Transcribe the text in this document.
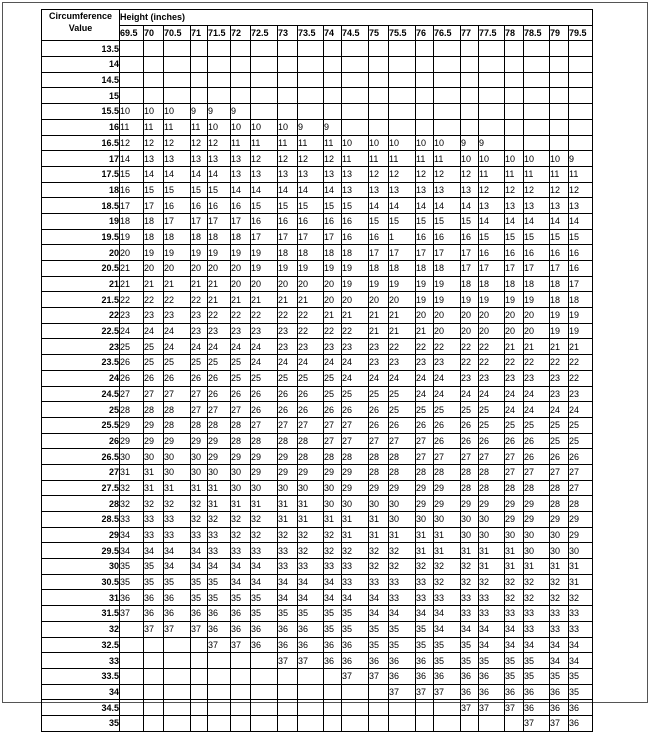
Circumference
Value	Height (inches)																				
	69.5	70	70.5	71	71.5	72	72.5	73	73.5	74	74.5	75	75.5	76	76.5	77	77.5	78	78.5	79	79.5
13.5																					
14																					
14.5																					
15																					
15.5	10	10	10	9	9	9															
16	11	11	11	11	10	10	10	10	9	9											
16.5	12	12	12	12	12	11	11	11	11	11	10	10	10	10	10	9	9				
17	14	13	13	13	13	13	12	12	12	12	11	11	11	11	11	10	10	10	10	10	9
17.5	15	14	14	14	14	13	13	13	13	13	13	12	12	12	12	12	11	11	11	11	11
18	16	15	15	15	15	14	14	14	14	14	13	13	13	13	13	13	12	12	12	12	12
18.5	17	17	16	16	16	16	15	15	15	15	15	14	14	14	14	14	13	13	13	13	13
19	18	18	17	17	17	17	16	16	16	16	16	15	15	15	15	15	14	14	14	14	14
19.5	19	18	18	18	18	18	17	17	17	17	16	16	1	16	16	16	15	15	15	15	15
20	20	19	19	19	19	19	19	18	18	18	18	17	17	17	17	17	16	16	16	16	16
20.5	21	20	20	20	20	20	19	19	19	19	19	18	18	18	18	17	17	17	17	17	16
21	21	21	21	21	21	20	20	20	20	20	19	19	19	19	19	18	18	18	18	18	17
21.5	22	22	22	22	21	21	21	21	21	20	20	20	20	19	19	19	19	19	19	18	18
22	23	23	23	23	22	22	22	22	22	21	21	21	21	20	20	20	20	20	20	19	19
22.5	24	24	24	23	23	23	23	23	22	22	22	21	21	21	20	20	20	20	20	19	19
23	25	25	24	24	24	24	24	23	23	23	23	23	22	22	22	22	22	21	21	21	21
23.5	26	25	25	25	25	25	24	24	24	24	24	23	23	23	23	22	22	22	22	22	22
24	26	26	26	26	26	25	25	25	25	25	24	24	24	24	24	23	23	23	23	23	22
24.5	27	27	27	27	26	26	26	26	26	25	25	25	25	24	24	24	24	24	24	23	23
25	28	28	28	27	27	27	26	26	26	26	26	26	25	25	25	25	25	24	24	24	24
25.5	29	29	28	28	28	28	27	27	27	27	27	26	26	26	26	26	25	25	25	25	25
26	29	29	29	29	29	28	28	28	28	27	27	27	27	27	26	26	26	26	26	25	25
26.5	30	30	30	30	29	29	29	29	28	28	28	28	28	27	27	27	27	27	26	26	26
27	31	31	30	30	30	30	29	29	29	29	29	28	28	28	28	28	28	27	27	27	27
27.5	32	31	31	31	31	30	30	30	30	30	29	29	29	29	29	28	28	28	28	28	27
28	32	32	32	32	31	31	31	31	31	30	30	30	30	29	29	29	29	29	29	28	28
28.5	33	33	33	32	32	32	32	31	31	31	31	31	30	30	30	30	30	29	29	29	29
29	34	33	33	33	33	32	32	32	32	32	31	31	31	31	31	30	30	30	30	30	29
29.5	34	34	34	34	33	33	33	33	32	32	32	32	32	31	31	31	31	31	30	30	30
30	35	35	34	34	34	34	34	33	33	33	33	32	32	32	32	32	31	31	31	31	31
30.5	35	35	35	35	35	34	34	34	34	34	33	33	33	33	32	32	32	32	32	32	31
31	36	36	36	35	35	35	35	34	34	34	34	34	33	33	33	33	33	32	32	32	32
31.5	37	36	36	36	36	36	35	35	35	35	35	34	34	34	34	33	33	33	33	33	33
32		37	37	37	36	36	36	36	36	35	35	35	35	35	34	34	34	34	33	33	33
32.5					37	37	36	36	36	36	36	35	35	35	35	35	34	34	34	34	34
33								37	37	36	36	36	36	36	35	35	35	35	35	34	34
33.5											37	37	36	36	36	36	36	35	35	35	35
34													37	37	37	36	36	36	36	36	35
34.5																37	37	37	36	36	36
35																			37	37	36
